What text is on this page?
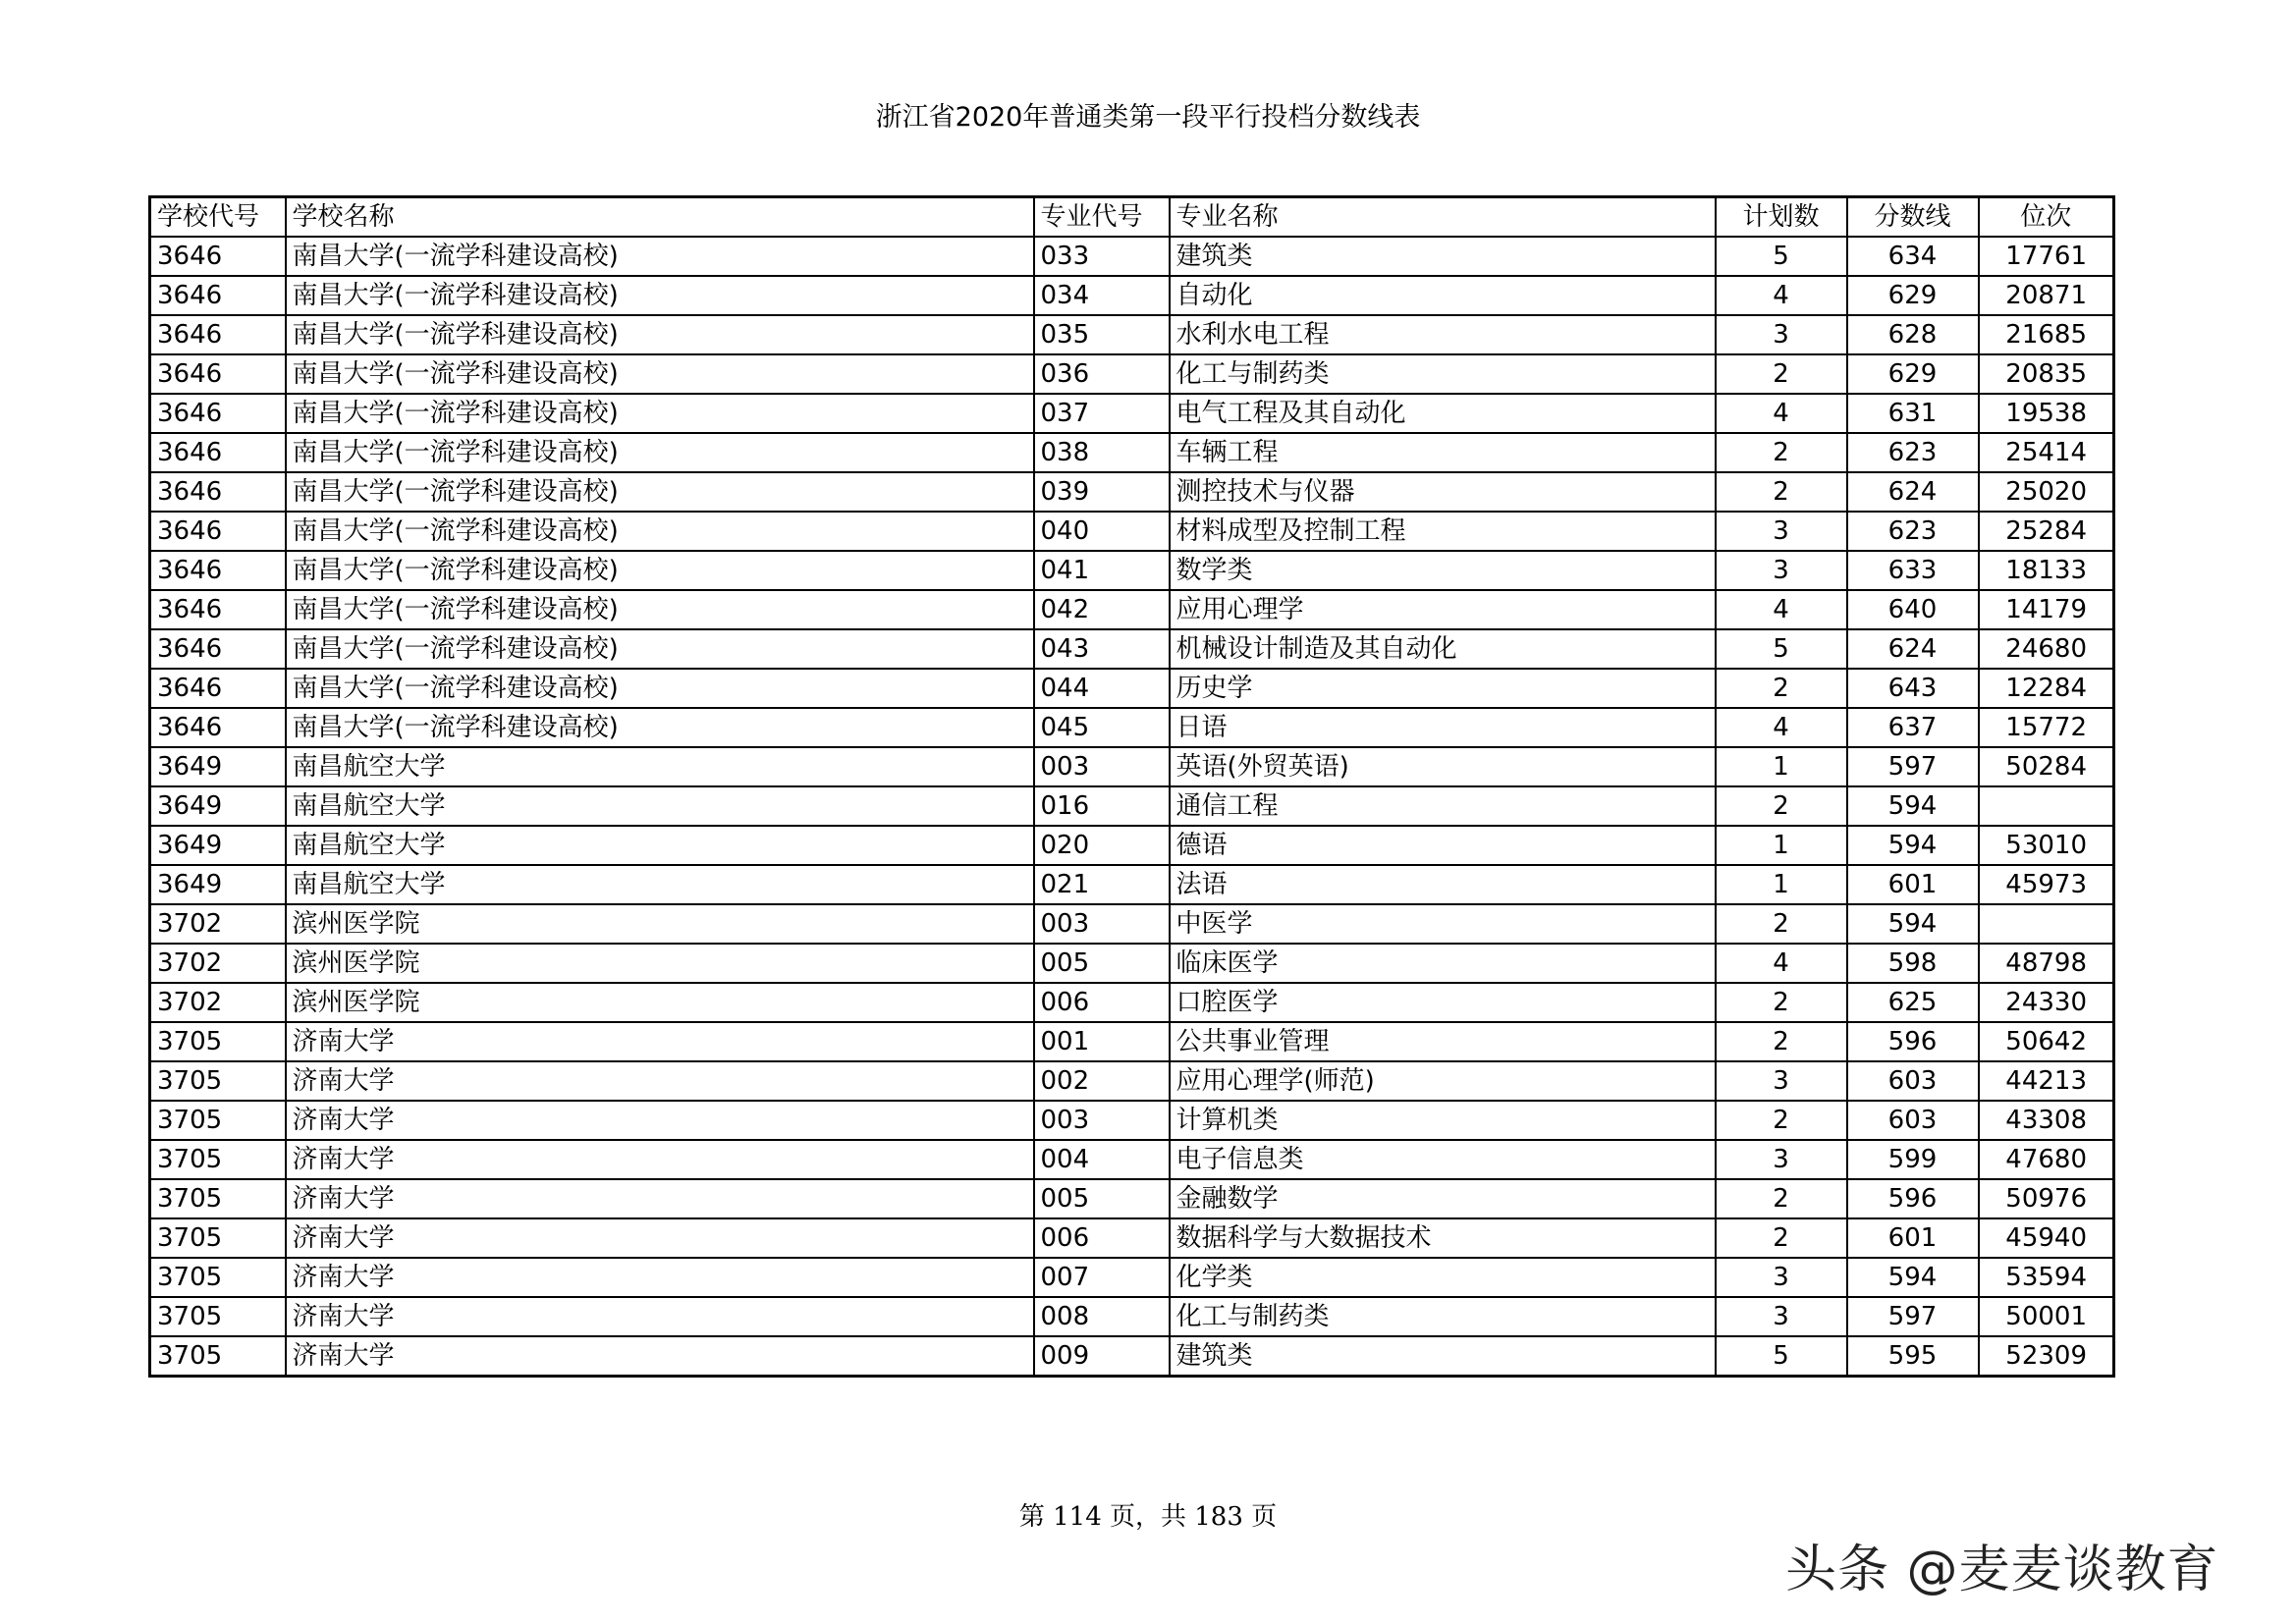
浙江省2020年普通类第一段平行投档分数线表
学校代号	学校名称	专业代号	专业名称	计划数	分数线	位次
3646	南昌大学(一流学科建设高校)	033	建筑类	5	634	17761
3646	南昌大学(一流学科建设高校)	034	自动化	4	629	20871
3646	南昌大学(一流学科建设高校)	035	水利水电工程	3	628	21685
3646	南昌大学(一流学科建设高校)	036	化工与制药类	2	629	20835
3646	南昌大学(一流学科建设高校)	037	电气工程及其自动化	4	631	19538
3646	南昌大学(一流学科建设高校)	038	车辆工程	2	623	25414
3646	南昌大学(一流学科建设高校)	039	测控技术与仪器	2	624	25020
3646	南昌大学(一流学科建设高校)	040	材料成型及控制工程	3	623	25284
3646	南昌大学(一流学科建设高校)	041	数学类	3	633	18133
3646	南昌大学(一流学科建设高校)	042	应用心理学	4	640	14179
3646	南昌大学(一流学科建设高校)	043	机械设计制造及其自动化	5	624	24680
3646	南昌大学(一流学科建设高校)	044	历史学	2	643	12284
3646	南昌大学(一流学科建设高校)	045	日语	4	637	15772
3649	南昌航空大学	003	英语(外贸英语)	1	597	50284
3649	南昌航空大学	016	通信工程	2	594	
3649	南昌航空大学	020	德语	1	594	53010
3649	南昌航空大学	021	法语	1	601	45973
3702	滨州医学院	003	中医学	2	594	
3702	滨州医学院	005	临床医学	4	598	48798
3702	滨州医学院	006	口腔医学	2	625	24330
3705	济南大学	001	公共事业管理	2	596	50642
3705	济南大学	002	应用心理学(师范)	3	603	44213
3705	济南大学	003	计算机类	2	603	43308
3705	济南大学	004	电子信息类	3	599	47680
3705	济南大学	005	金融数学	2	596	50976
3705	济南大学	006	数据科学与大数据技术	2	601	45940
3705	济南大学	007	化学类	3	594	53594
3705	济南大学	008	化工与制药类	3	597	50001
3705	济南大学	009	建筑类	5	595	52309
第 114 页，共 183 页
头条 @麦麦谈教育
